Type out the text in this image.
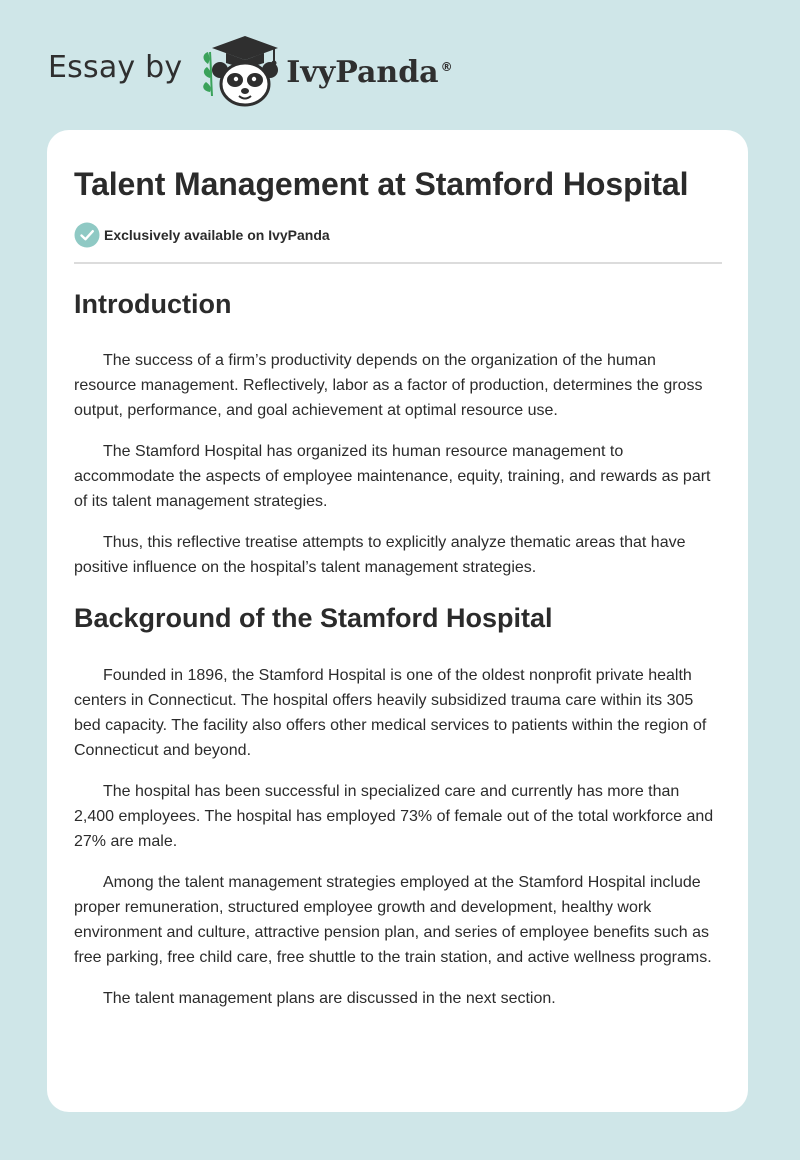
Essay by	IvyPanda ®
Talent Management at Stamford Hospital
Exclusively available on IvyPanda
Introduction

The success of a firm’s productivity depends on the organization of the human resource management. Reflectively, labor as a factor of production, determines the gross output, performance, and goal achievement at optimal resource use.

The Stamford Hospital has organized its human resource management to accommodate the aspects of employee maintenance, equity, training, and rewards as part of its talent management strategies.

Thus, this reflective treatise attempts to explicitly analyze thematic areas that have positive influence on the hospital’s talent management strategies.

Background of the Stamford Hospital

Founded in 1896, the Stamford Hospital is one of the oldest nonprofit private health centers in Connecticut. The hospital offers heavily subsidized trauma care within its 305 bed capacity. The facility also offers other medical services to patients within the region of Connecticut and beyond.

The hospital has been successful in specialized care and currently has more than 2,400 employees. The hospital has employed 73% of female out of the total workforce and 27% are male.

Among the talent management strategies employed at the Stamford Hospital include proper remuneration, structured employee growth and development, healthy work environment and culture, attractive pension plan, and series of employee benefits such as free parking, free child care, free shuttle to the train station, and active wellness programs.

The talent management plans are discussed in the next section.
